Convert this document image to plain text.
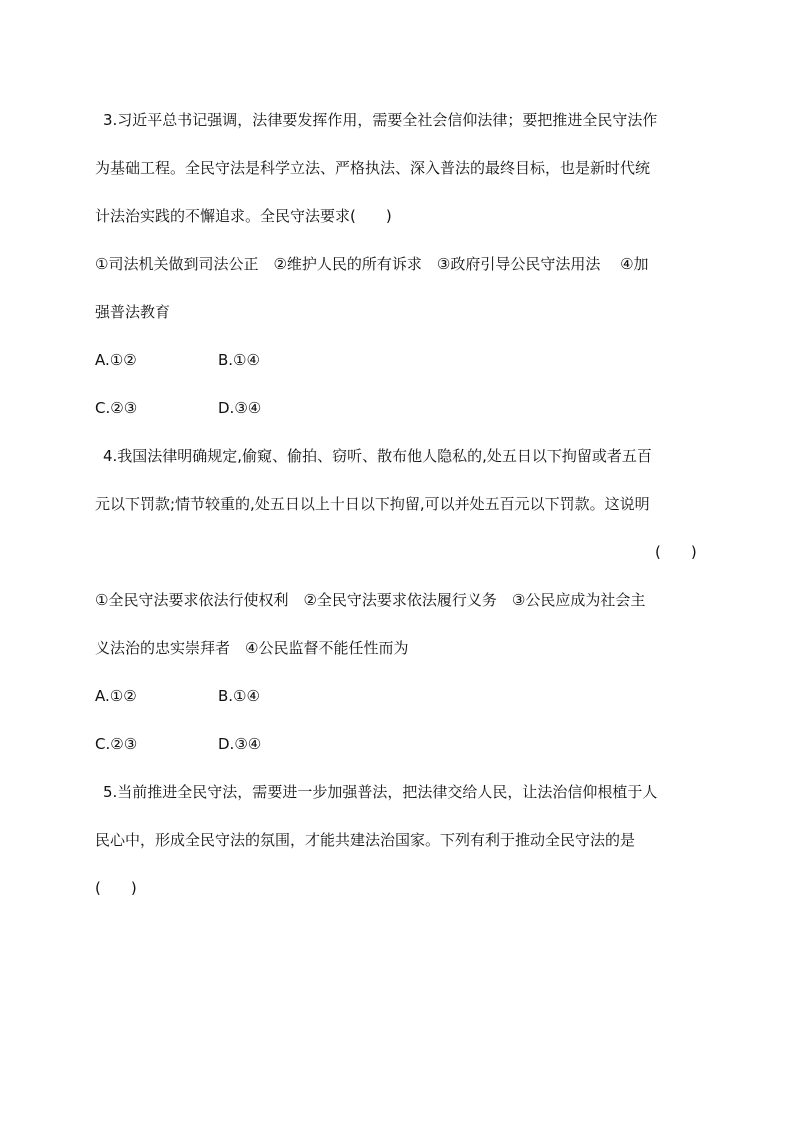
3.习近平总书记强调，法律要发挥作用，需要全社会信仰法律；要把推进全民守法作
为基础工程。全民守法是科学立法、严格执法、深入普法的最终目标，也是新时代统
计法治实践的不懈追求。全民守法要求(　　)
①司法机关做到司法公正　②维护人民的所有诉求　③政府引导公民守法用法　 ④加
强普法教育
A.①②	B.①④
C.②③	D.③④
4.我国法律明确规定,偷窥、偷拍、窃听、散布他人隐私的,处五日以下拘留或者五百
元以下罚款;情节较重的,处五日以上十日以下拘留,可以并处五百元以下罚款。这说明
(　　)
①全民守法要求依法行使权利　②全民守法要求依法履行义务　③公民应成为社会主
义法治的忠实崇拜者　④公民监督不能任性而为
A.①②	B.①④
C.②③	D.③④
5.当前推进全民守法，需要进一步加强普法，把法律交给人民，让法治信仰根植于人
民心中，形成全民守法的氛围，才能共建法治国家。下列有利于推动全民守法的是
(　　)
